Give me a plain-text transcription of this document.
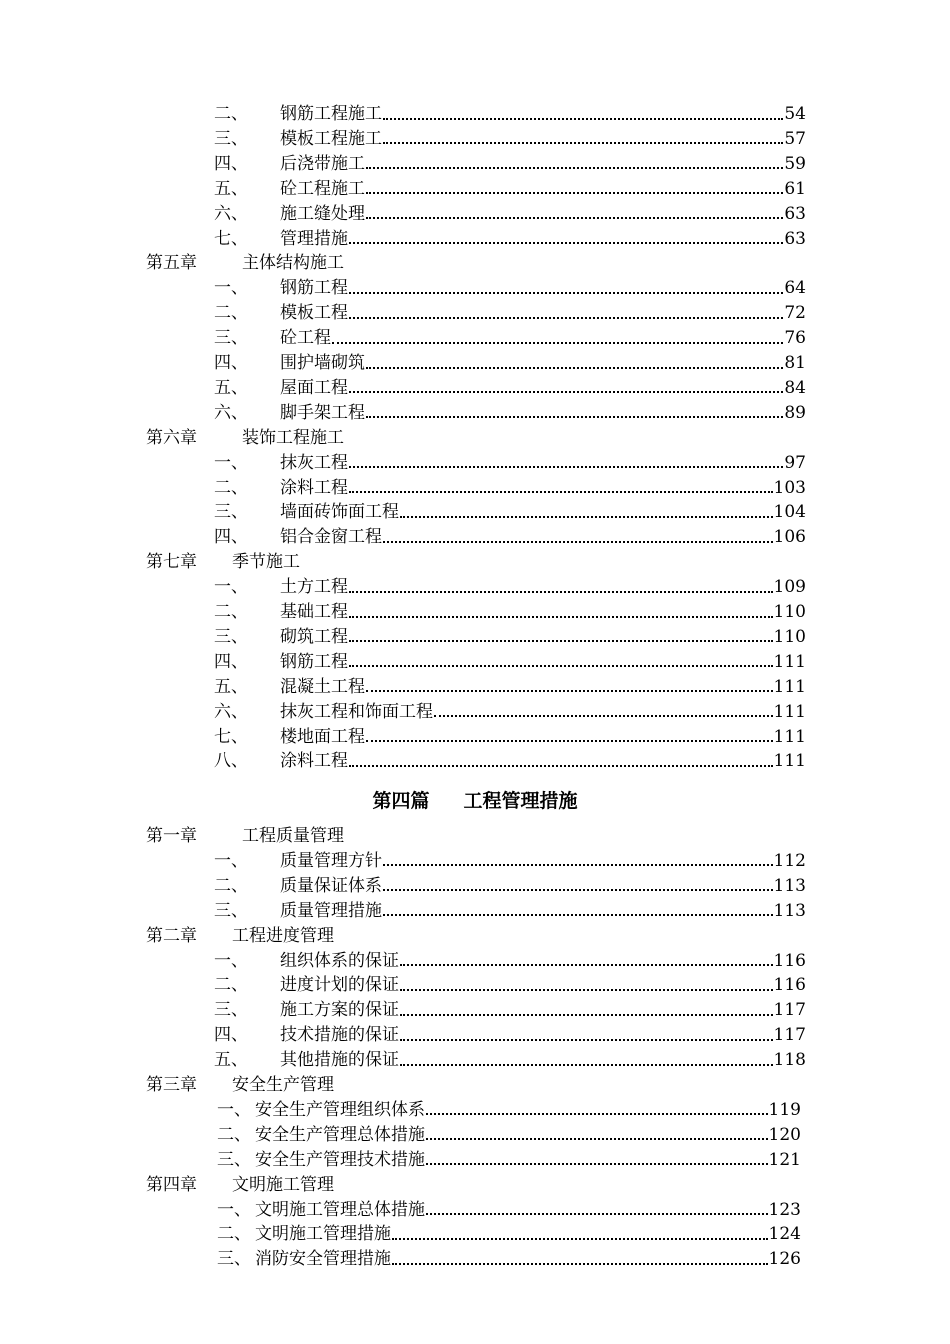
第四篇 工程管理措施
二、 钢筋工程施工	54
三、 模板工程施工	57
四、 后浇带施工	59
五、 砼工程施工	61
六、 施工缝处理	63
七、 管理措施	63
第五章	主体结构施工
一、 钢筋工程	64
二、 模板工程	72
三、 砼工程	76
四、 围护墙砌筑	81
五、 屋面工程	84
六、 脚手架工程	89
第六章	装饰工程施工
一、 抹灰工程	97
二、 涂料工程	103
三、 墙面砖饰面工程	104
四、 铝合金窗工程	106
第七章 季节施工
一、 土方工程	109
二、 基础工程	110
三、 砌筑工程	110
四、 钢筋工程	111
五、 混凝土工程	111
六、 抹灰工程和饰面工程	111
七、 楼地面工程	111
八、 涂料工程	111
第一章	工程质量管理
一、 质量管理方针	112
二、 质量保证体系	113
三、 质量管理措施	113
第二章 工程进度管理
一、 组织体系的保证	116
二、 进度计划的保证	116
三、 施工方案的保证	117
四、 技术措施的保证	117
五、 其他措施的保证	118
第三章 安全生产管理
一、 安全生产管理组织体系	119
二、 安全生产管理总体措施	120
三、 安全生产管理技术措施	121
第四章 文明施工管理
一、 文明施工管理总体措施	123
二、 文明施工管理措施	124
三、 消防安全管理措施	126
